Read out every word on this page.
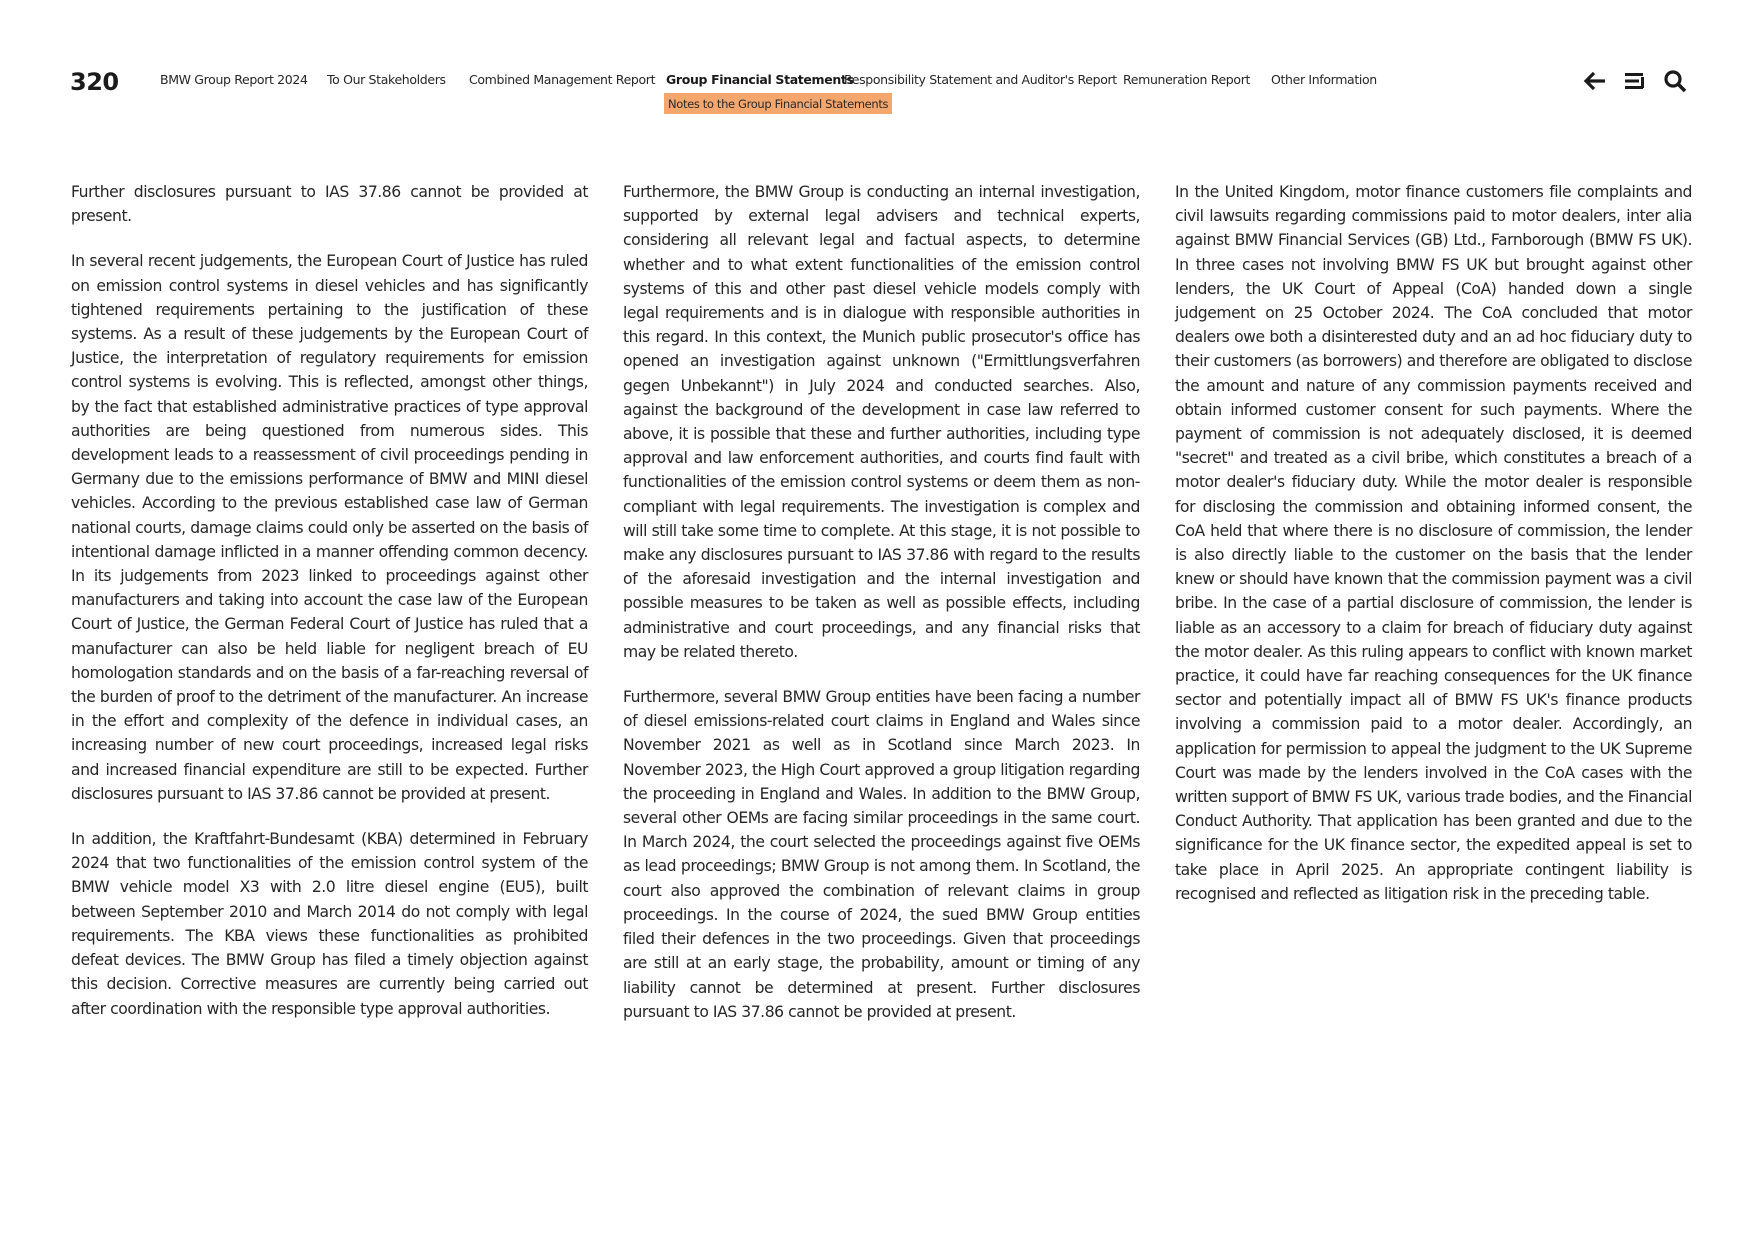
320	BMW Group Report 2024 To Our Stakeholders Combined Management Report Group Financial Statements
Responsibility Statement and Auditor's Report Remuneration Report Other Information
Notes to the Group Financial Statements

Further disclosures pursuant to IAS 37.86 cannot be provided at present.

In several recent judgements, the European Court of Justice has ruled on emission control systems in diesel vehicles and has significantly tightened requirements pertaining to the justification of these systems. As a result of these judgements by the European Court of Justice, the interpretation of regulatory requirements for emission control systems is evolving. This is reflected, amongst other things, by the fact that established administrative practices of type approval authorities are being questioned from numerous sides. This development leads to a reassessment of civil proceedings pending in Germany due to the emissions performance of BMW and MINI diesel vehicles. According to the previous established case law of German national courts, damage claims could only be asserted on the basis of intentional damage inflicted in a manner offending common decency. In its judgements from 2023 linked to proceedings against other manufacturers and taking into account the case law of the European Court of Justice, the German Federal Court of Justice has ruled that a manufacturer can also be held liable for negligent breach of EU homologation standards and on the basis of a far-reaching reversal of the burden of proof to the detriment of the manufacturer. An increase in the effort and complexity of the defence in individual cases, an increasing number of new court proceedings, increased legal risks and increased financial expenditure are still to be expected. Further disclosures pursuant to IAS 37.86 cannot be provided at present.

In addition, the Kraftfahrt-Bundesamt (KBA) determined in February 2024 that two functionalities of the emission control system of the BMW vehicle model X3 with 2.0 litre diesel engine (EU5), built between September 2010 and March 2014 do not comply with legal requirements. The KBA views these functionalities as prohibited defeat devices. The BMW Group has filed a timely objection against this decision. Corrective measures are currently being carried out after coordination with the responsible type approval authorities.

Furthermore, the BMW Group is conducting an internal investigation, supported by external legal advisers and technical experts, considering all relevant legal and factual aspects, to determine whether and to what extent functionalities of the emission control systems of this and other past diesel vehicle models comply with legal requirements and is in dialogue with responsible authorities in this regard. In this context, the Munich public prosecutor's office has opened an investigation against unknown ("Ermittlungsverfahren gegen Unbekannt") in July 2024 and conducted searches. Also, against the background of the development in case law referred to above, it is possible that these and further authorities, including type approval and law enforcement authorities, and courts find fault with functionalities of the emission control systems or deem them as non-compliant with legal requirements. The investigation is complex and will still take some time to complete. At this stage, it is not possible to make any disclosures pursuant to IAS 37.86 with regard to the results of the aforesaid investigation and the internal investigation and possible measures to be taken as well as possible effects, including administrative and court proceedings, and any financial risks that may be related thereto.

Furthermore, several BMW Group entities have been facing a number of diesel emissions-related court claims in England and Wales since November 2021 as well as in Scotland since March 2023. In November 2023, the High Court approved a group litigation regarding the proceeding in England and Wales. In addition to the BMW Group, several other OEMs are facing similar proceedings in the same court. In March 2024, the court selected the proceedings against five OEMs as lead proceedings; BMW Group is not among them. In Scotland, the court also approved the combination of relevant claims in group proceedings. In the course of 2024, the sued BMW Group entities filed their defences in the two proceedings. Given that proceedings are still at an early stage, the probability, amount or timing of any liability cannot be determined at present. Further disclosures pursuant to IAS 37.86 cannot be provided at present.

In the United Kingdom, motor finance customers file complaints and civil lawsuits regarding commissions paid to motor dealers, inter alia against BMW Financial Services (GB) Ltd., Farnborough (BMW FS UK). In three cases not involving BMW FS UK but brought against other lenders, the UK Court of Appeal (CoA) handed down a single judgement on 25 October 2024. The CoA concluded that motor dealers owe both a disinterested duty and an ad hoc fiduciary duty to their customers (as borrowers) and therefore are obligated to disclose the amount and nature of any commission payments received and obtain informed customer consent for such payments. Where the payment of commission is not adequately disclosed, it is deemed "secret" and treated as a civil bribe, which constitutes a breach of a motor dealer's fiduciary duty. While the motor dealer is responsible for disclosing the commission and obtaining informed consent, the CoA held that where there is no disclosure of commission, the lender is also directly liable to the customer on the basis that the lender knew or should have known that the commission payment was a civil bribe. In the case of a partial disclosure of commission, the lender is liable as an accessory to a claim for breach of fiduciary duty against the motor dealer. As this ruling appears to conflict with known market practice, it could have far reaching consequences for the UK finance sector and potentially impact all of BMW FS UK's finance products involving a commission paid to a motor dealer. Accordingly, an application for permission to appeal the judgment to the UK Supreme Court was made by the lenders involved in the CoA cases with the written support of BMW FS UK, various trade bodies, and the Financial Conduct Authority. That application has been granted and due to the significance for the UK finance sector, the expedited appeal is set to take place in April 2025. An appropriate contingent liability is recognised and reflected as litigation risk in the preceding table.
